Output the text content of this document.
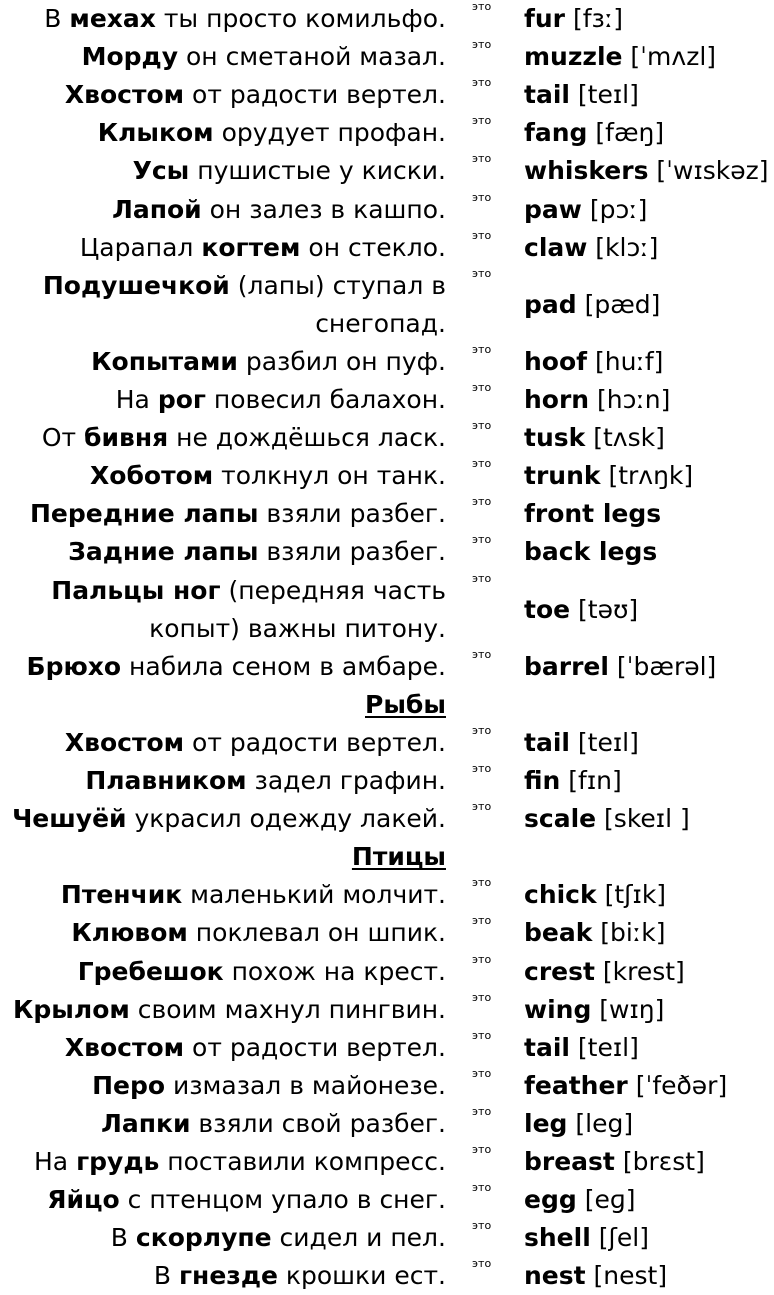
В мехах ты просто комильфо. это fur [fɜː]
Морду он сметаной мазал. это muzzle [ˈmʌzl]
Хвостом от радости вертел. это tail [teɪl]
Клыком орудует профан. это fang [fæŋ]
Усы пушистые у киски. это whiskers [ˈwɪskəz]
Лапой он залез в кашпо. это paw [pɔː]
Царапал когтем он стекло. это claw [klɔː]
Подушечкой (лапы) ступал в снегопад.
это
pad [pæd]
Копытами разбил он пуф. это hoof [huːf]
На рог повесил балахон. это horn [hɔːn]
От бивня не дождёшься ласк. это tusk [tʌsk]
Хоботом толкнул он танк. это trunk [trʌŋk]
Передние лапы взяли разбег. это front legs
Задние лапы взяли разбег. это back legs
Пальцы ног (передняя часть копыт) важны питону.
это
toe [təʊ]
Брюхо набила сеном в амбаре. это barrel [ˈbærəl]
Рыбы
Хвостом от радости вертел. это tail [teɪl]
Плавником задел графин. это fin [fɪn]
Чешуёй украсил одежду лакей. это scale [skeɪl ]
Птицы
Птенчик маленький молчит. это chick [tʃɪk]
Клювом поклевал он шпик. это beak [biːk]
Гребешок похож на крест. это crest [krest]
Крылом своим махнул пингвин. это wing [wɪŋ]
Хвостом от радости вертел. это tail [teɪl]
Перо измазал в майонезе. это feather [ˈfeðər]
Лапки взяли свой разбег. это leg [leg]
На грудь поставили компресс. это breast [brɛst]
Яйцо с птенцом упало в снег. это egg [eɡ]
В скорлупе сидел и пел. это shell [ʃel]
В гнезде крошки ест. это nest [nest]
